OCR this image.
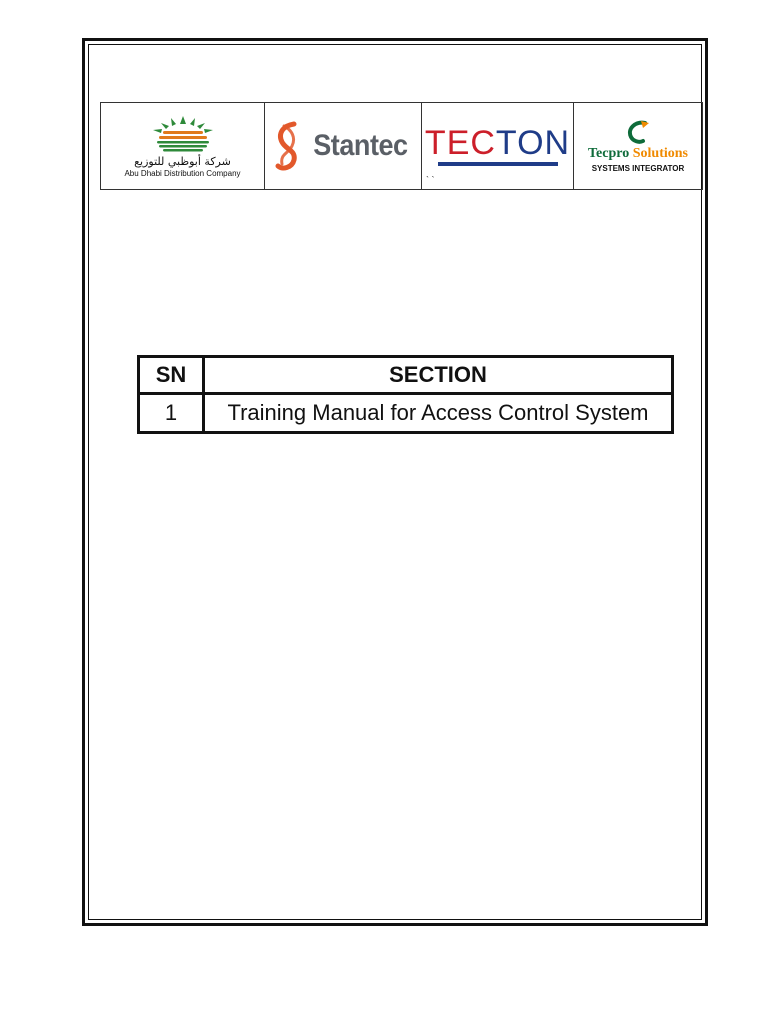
شركة أبوظبي للتوزيع
Abu Dhabi Distribution Company

Stantec	TECTON
` `

Tecpro Solutions
SYSTEMS INTEGRATOR
SN	SECTION
1	Training Manual for Access Control System
